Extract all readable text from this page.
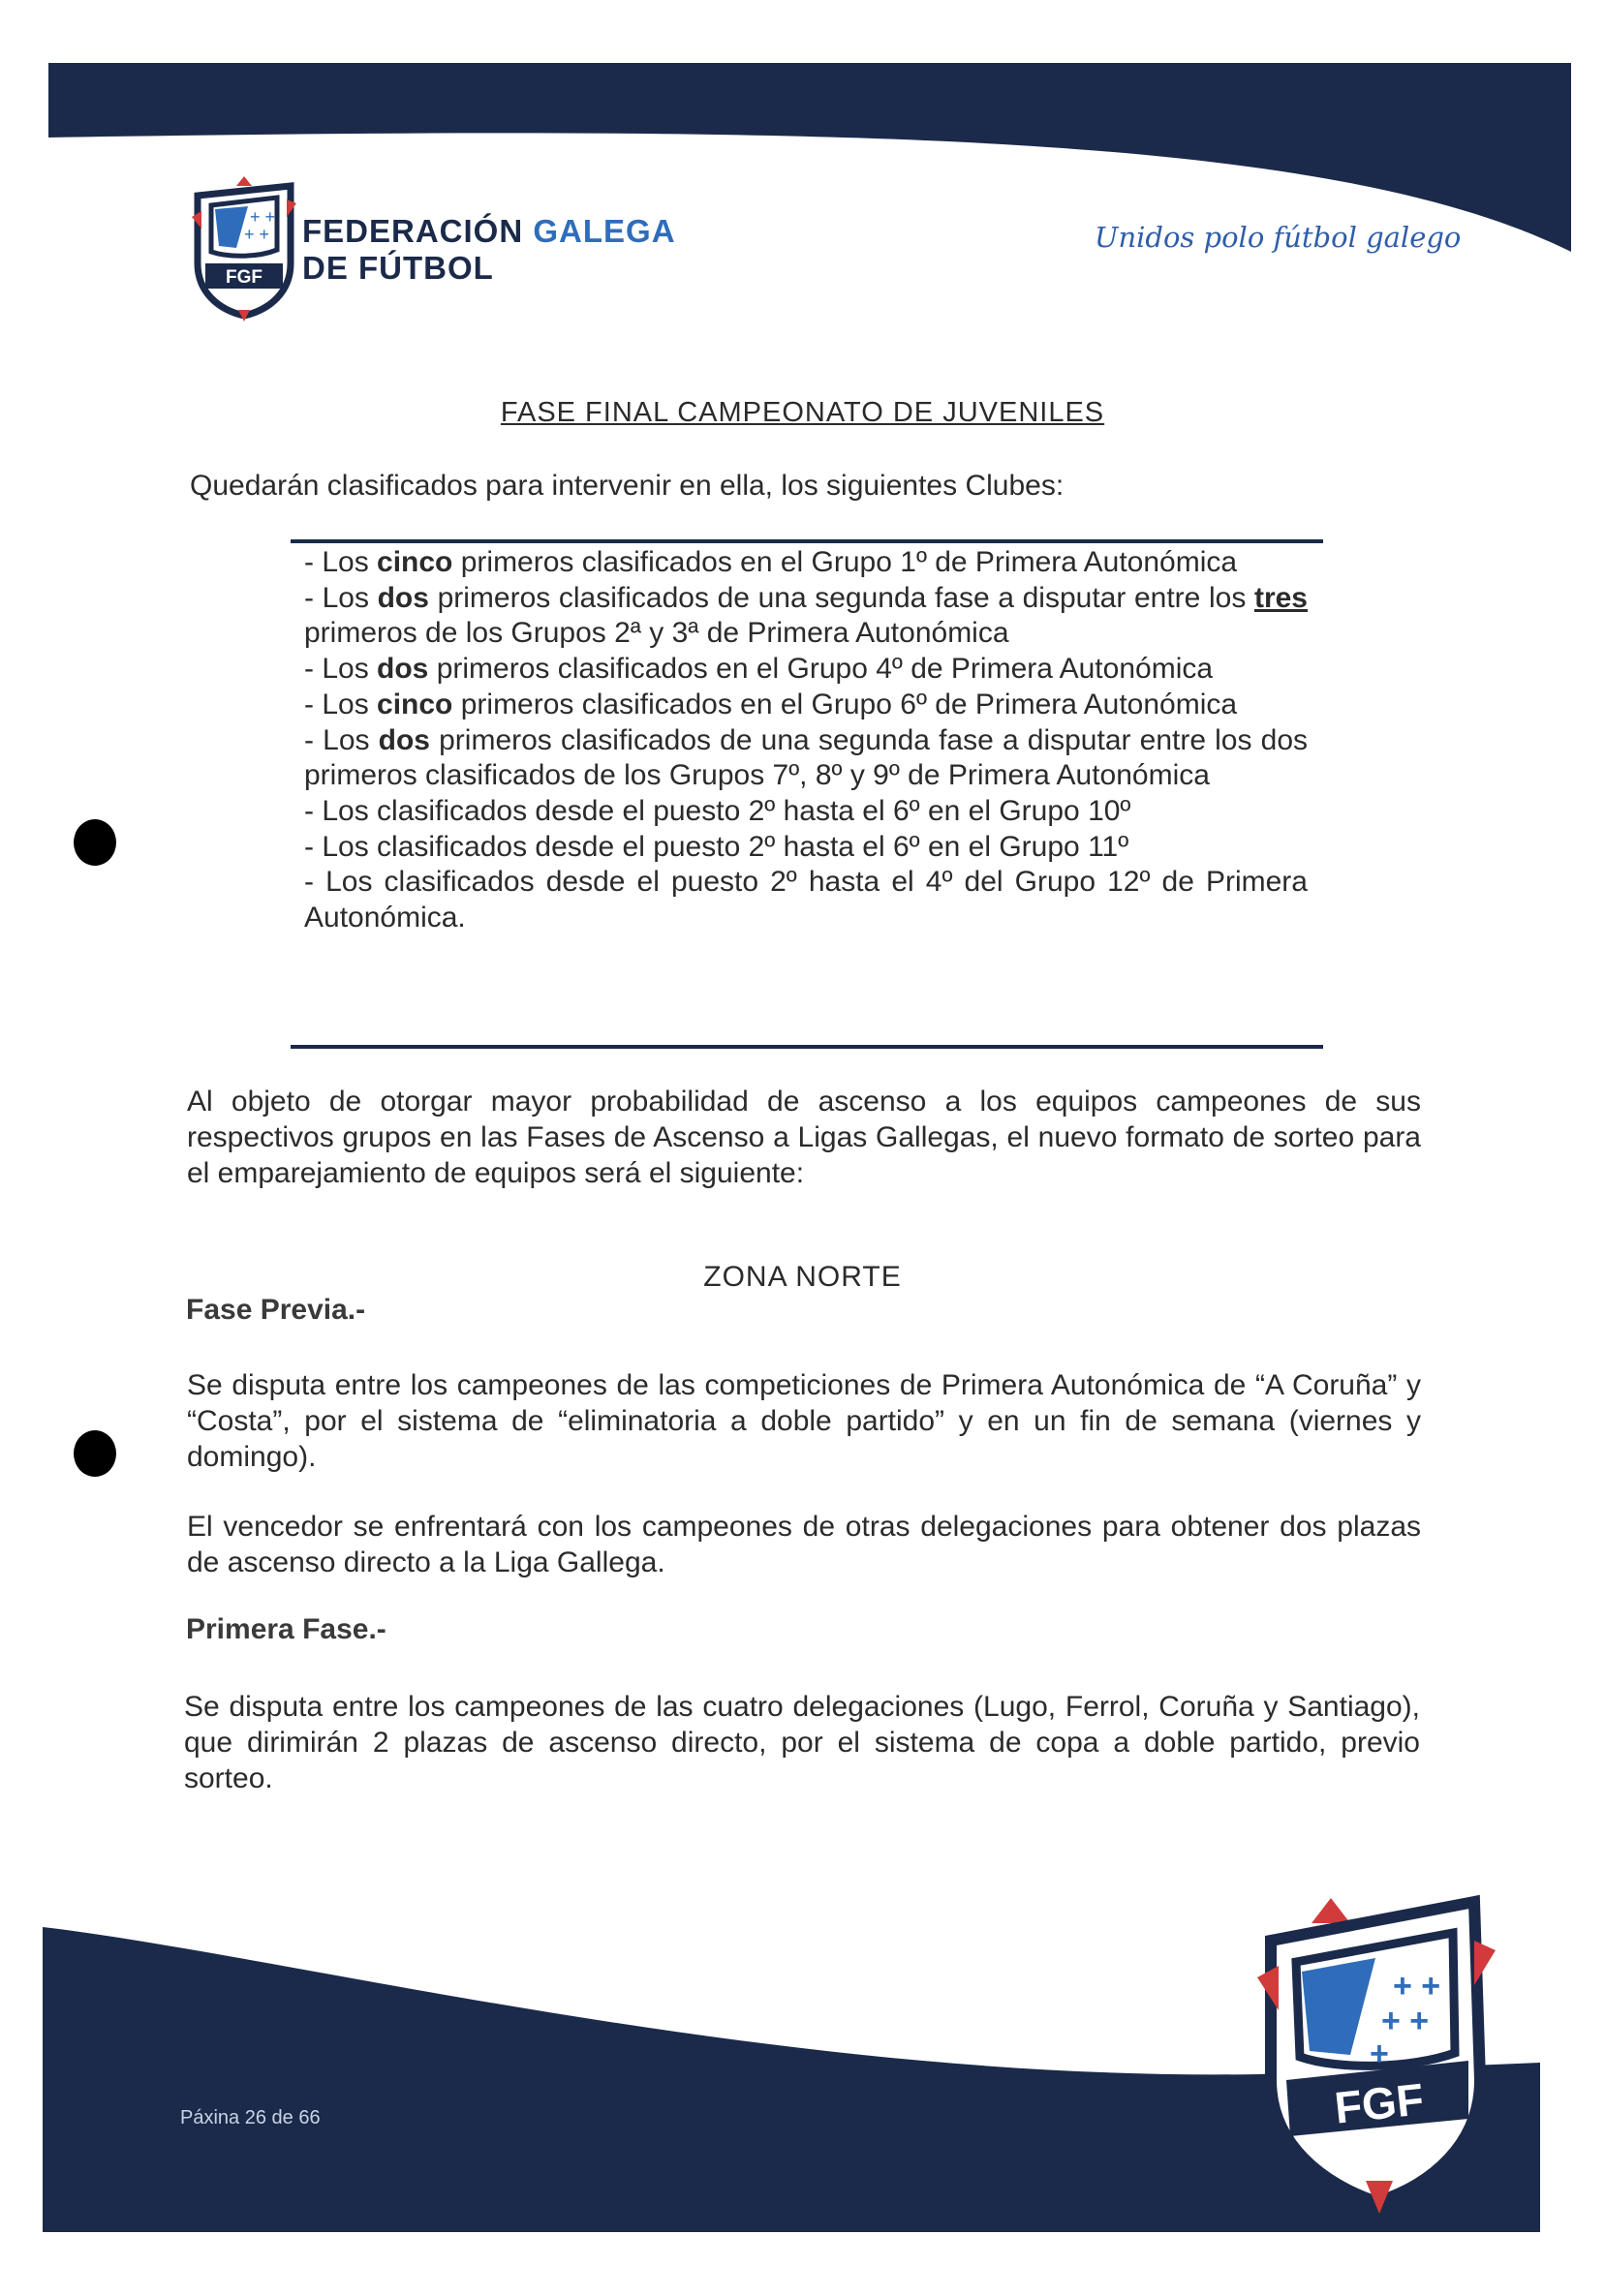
+ +
+ +
FGF
FEDERACIÓN GALEGA
DE FÚTBOL
Unidos polo fútbol galego
FASE FINAL CAMPEONATO DE JUVENILES
Quedarán clasificados para intervenir en ella, los siguientes Clubes:
- Los cinco primeros clasificados en el Grupo 1º de Primera Autonómica
- Los dos primeros clasificados de una segunda fase a disputar entre los tres primeros de los Grupos 2ª y 3ª de Primera Autonómica
- Los dos primeros clasificados en el Grupo 4º de Primera Autonómica
- Los cinco primeros clasificados en el Grupo 6º de Primera Autonómica
- Los dos primeros clasificados de una segunda fase a disputar entre los dos primeros clasificados de los Grupos 7º, 8º y 9º de Primera Autonómica
- Los clasificados desde el puesto 2º hasta el 6º en el Grupo 10º
- Los clasificados desde el puesto 2º hasta el 6º en el Grupo 11º
- Los clasificados desde el puesto 2º hasta el 4º del Grupo 12º de Primera Autonómica.
Al objeto de otorgar mayor probabilidad de ascenso a los equipos campeones de sus respectivos grupos en las Fases de Ascenso a Ligas Gallegas, el nuevo formato de sorteo para el emparejamiento de equipos será el siguiente:
ZONA NORTE
Fase Previa.-
Se disputa entre los campeones de las competiciones de Primera Autonómica de “A Coruña” y “Costa”, por el sistema de “eliminatoria a doble partido” y en un fin de semana (viernes y domingo).
El vencedor se enfrentará con los campeones de otras delegaciones para obtener dos plazas de ascenso directo a la Liga Gallega.
Primera Fase.-
Se disputa entre los campeones de las cuatro delegaciones (Lugo, Ferrol, Coruña y Santiago), que dirimirán 2 plazas de ascenso directo, por el sistema de copa a doble partido, previo sorteo.
+ +
+ +
+
FGF
Páxina 26 de 66
